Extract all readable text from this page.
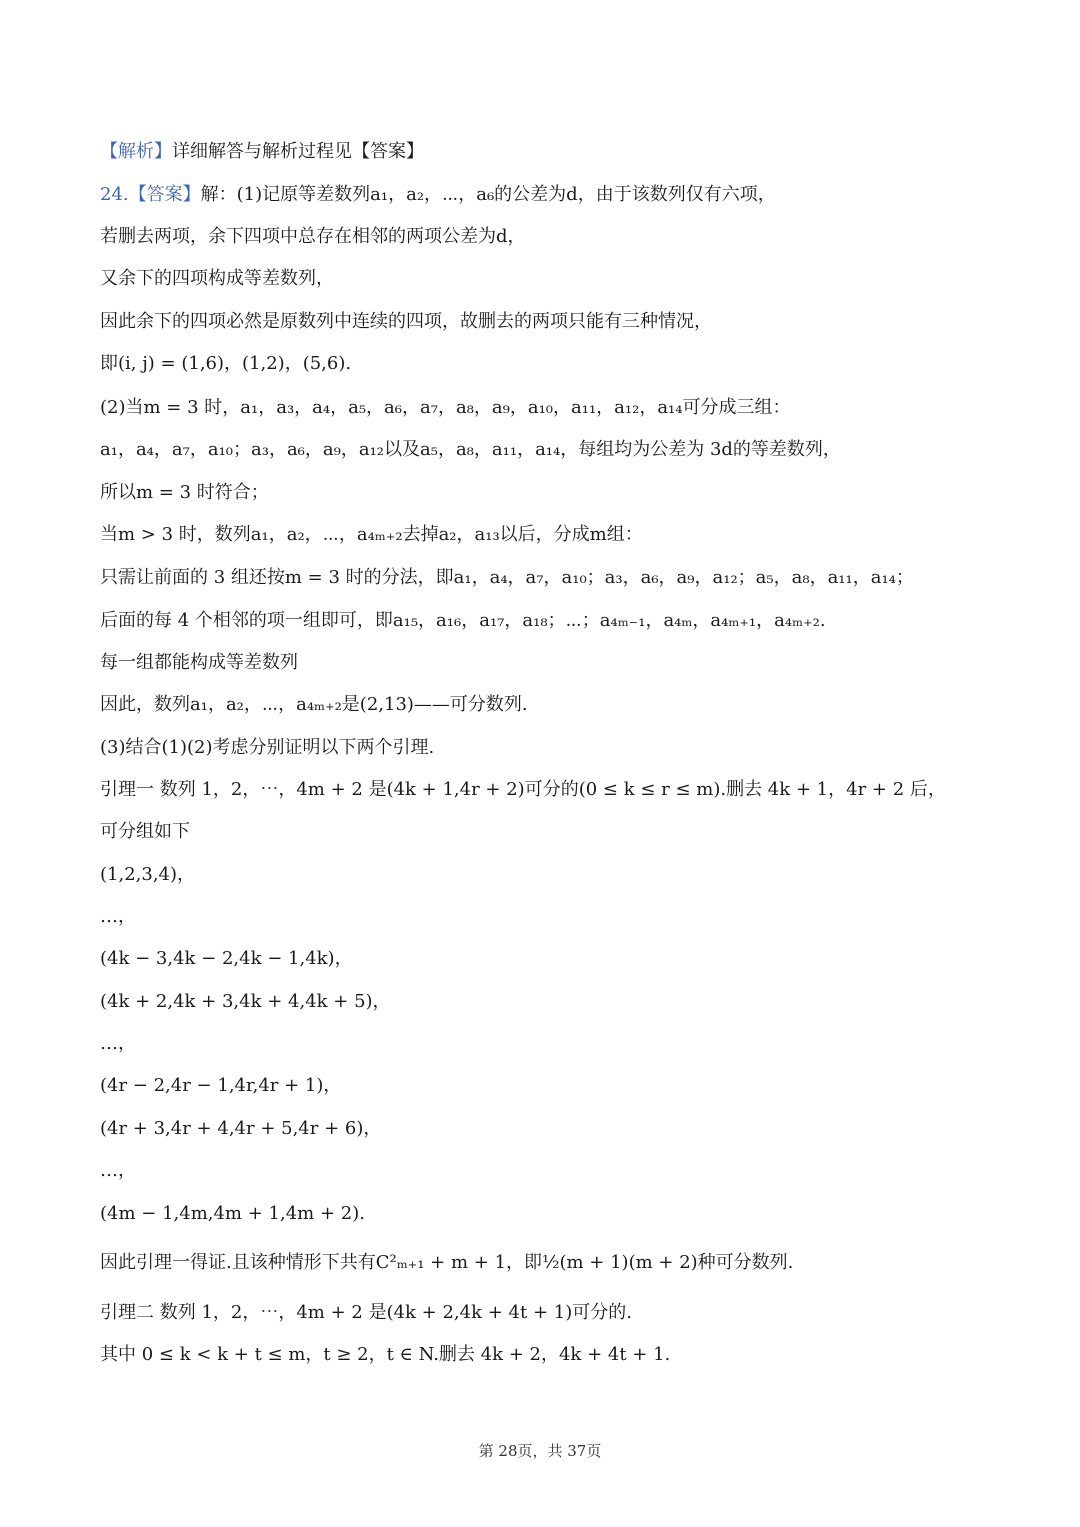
【解析】详细解答与解析过程见【答案】
24.【答案】解：(1)记原等差数列a₁，a₂，⋯，a₆的公差为d，由于该数列仅有六项，
若删去两项，余下四项中总存在相邻的两项公差为d，
又余下的四项构成等差数列，
因此余下的四项必然是原数列中连续的四项，故删去的两项只能有三种情况，
即(i, j) = (1,6)，(1,2)，(5,6).
(2)当m = 3 时，a₁，a₃，a₄，a₅，a₆，a₇，a₈，a₉，a₁₀，a₁₁，a₁₂，a₁₄可分成三组：
a₁，a₄，a₇，a₁₀；a₃，a₆，a₉，a₁₂以及a₅，a₈，a₁₁，a₁₄，每组均为公差为 3d的等差数列，
所以m = 3 时符合；
当m > 3 时，数列a₁，a₂，⋯，a₄ₘ₊₂去掉a₂，a₁₃以后，分成m组：
只需让前面的 3 组还按m = 3 时的分法，即a₁，a₄，a₇，a₁₀；a₃，a₆，a₉，a₁₂；a₅，a₈，a₁₁，a₁₄；
后面的每 4 个相邻的项一组即可，即a₁₅，a₁₆，a₁₇，a₁₈；⋯；a₄ₘ₋₁，a₄ₘ，a₄ₘ₊₁，a₄ₘ₊₂.
每一组都能构成等差数列
因此，数列a₁，a₂，⋯，a₄ₘ₊₂是(2,13)——可分数列.
(3)结合(1)(2)考虑分别证明以下两个引理.
引理一 数列 1，2，⋯，4m + 2 是(4k + 1,4r + 2)可分的(0 ≤ k ≤ r ≤ m).删去 4k + 1，4r + 2 后，
可分组如下
(1,2,3,4)，
…，
(4k − 3,4k − 2,4k − 1,4k)，
(4k + 2,4k + 3,4k + 4,4k + 5)，
…，
(4r − 2,4r − 1,4r,4r + 1)，
(4r + 3,4r + 4,4r + 5,4r + 6)，
…，
(4m − 1,4m,4m + 1,4m + 2).
因此引理一得证.且该种情形下共有C²ₘ₊₁ + m + 1，即½(m + 1)(m + 2)种可分数列.
引理二 数列 1，2，⋯，4m + 2 是(4k + 2,4k + 4t + 1)可分的.
其中 0 ≤ k < k + t ≤ m，t ≥ 2，t ∈ N.删去 4k + 2，4k + 4t + 1.
第 28页，共 37页
